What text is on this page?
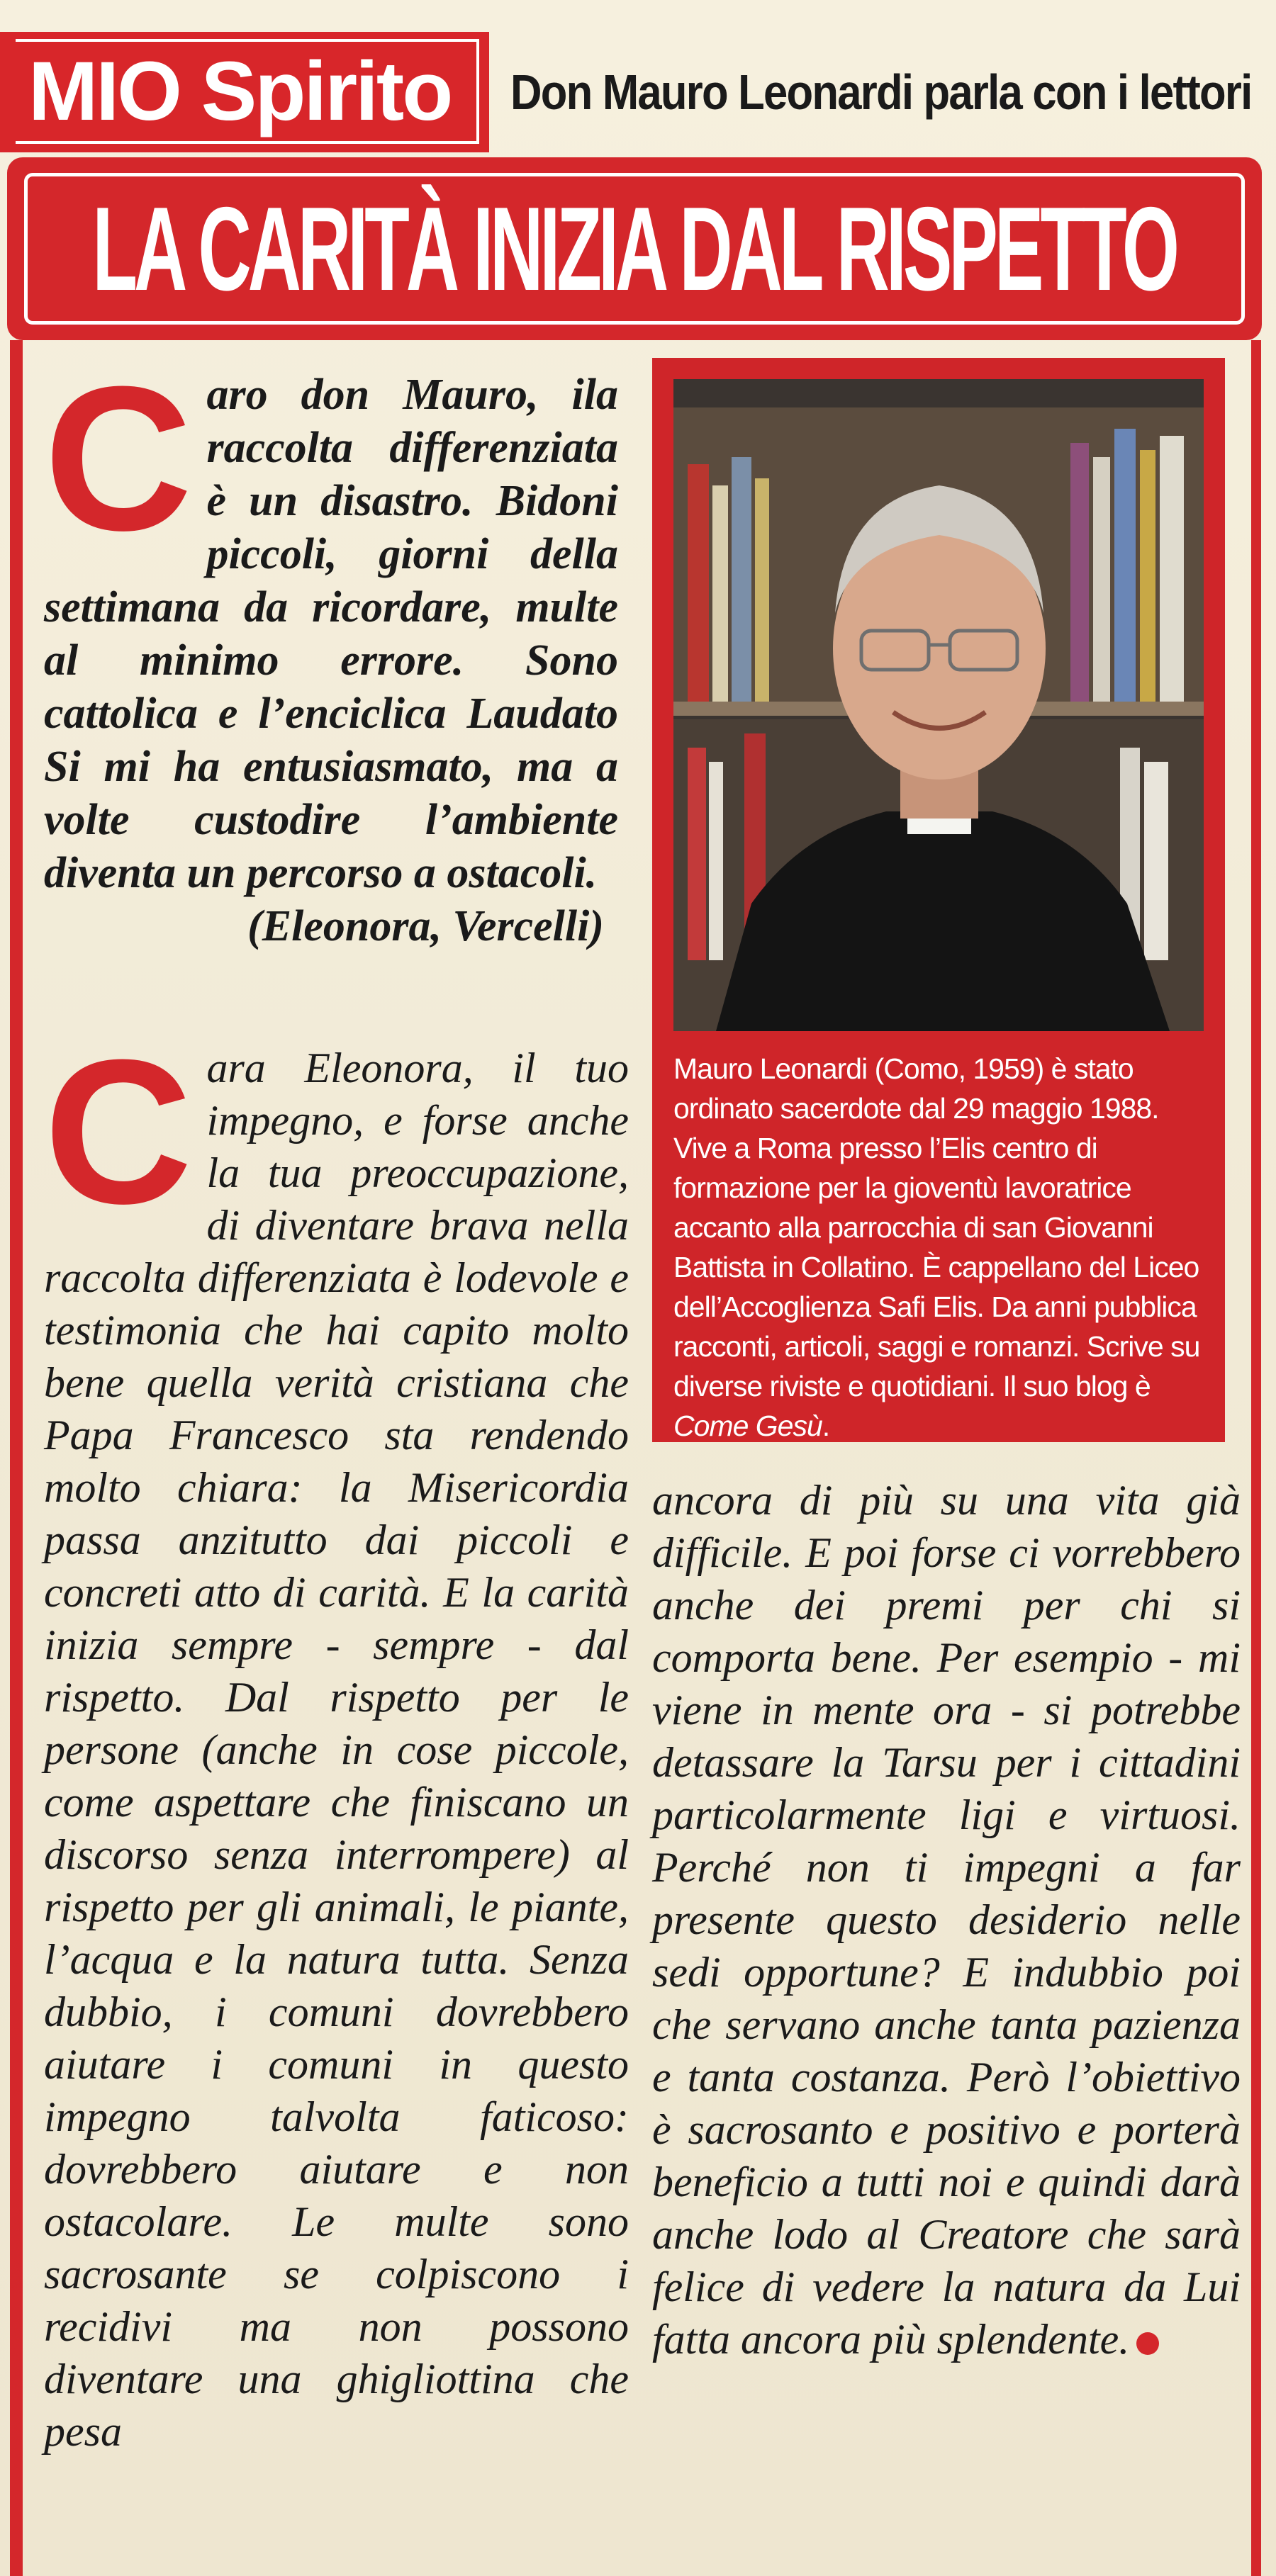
MIO Spirito	Don Mauro Leonardi parla con i lettori
LA CARITÀ INIZIA DAL RISPETTO
C aro don Mauro, ila raccolta differenziata è un disastro. Bidoni piccoli, giorni della settimana da ricordare, multe al minimo errore. Sono cattolica e l’enciclica Laudato Si mi ha entusiasmato, ma a volte custodire l’ambiente diventa un percorso a ostacoli.

(Eleonora, Vercelli)

Mauro Leonardi (Como, 1959) è stato ordinato sacerdote dal 29 maggio 1988. Vive a Roma presso l’Elis centro di formazione per la gioventù lavoratrice accanto alla parrocchia di san Giovanni Battista in Collatino. È cappellano del Liceo dell’Accoglienza Safi Elis. Da anni pubblica racconti, articoli, saggi e romanzi. Scrive su diverse riviste e quotidiani. Il suo blog è Come Gesù.
C ara Eleonora, il tuo impegno, e forse anche la tua preoccupazione, di diventare brava nella raccolta differenziata è lodevole e testimonia che hai capito molto bene quella verità cristiana che Papa Francesco sta rendendo molto chiara: la Misericordia passa anzitutto dai piccoli e concreti atto di carità. E la carità inizia sempre - sempre - dal rispetto. Dal rispetto per le persone (anche in cose piccole, come aspettare che finiscano un discorso senza interrompere) al rispetto per gli animali, le piante, l’acqua e la natura tutta. Senza dubbio, i comuni dovrebbero aiutare i comuni in questo impegno talvolta faticoso: dovrebbero aiutare e non ostacolare. Le multe sono sacrosante se colpiscono i recidivi ma non possono diventare una ghigliottina che pesa

ancora di più su una vita già difficile. E poi forse ci vorrebbero anche dei premi per chi si comporta bene. Per esempio - mi viene in mente ora - si potrebbe detassare la Tarsu per i cittadini particolarmente ligi e virtuosi. Perché non ti impegni a far presente questo desiderio nelle sedi opportune? E indubbio poi che servano anche tanta pazienza e tanta costanza. Però l’obiettivo è sacrosanto e positivo e porterà beneficio a tutti noi e quindi darà anche lodo al Creatore che sarà felice di vedere la natura da Lui fatta ancora più splendente.
